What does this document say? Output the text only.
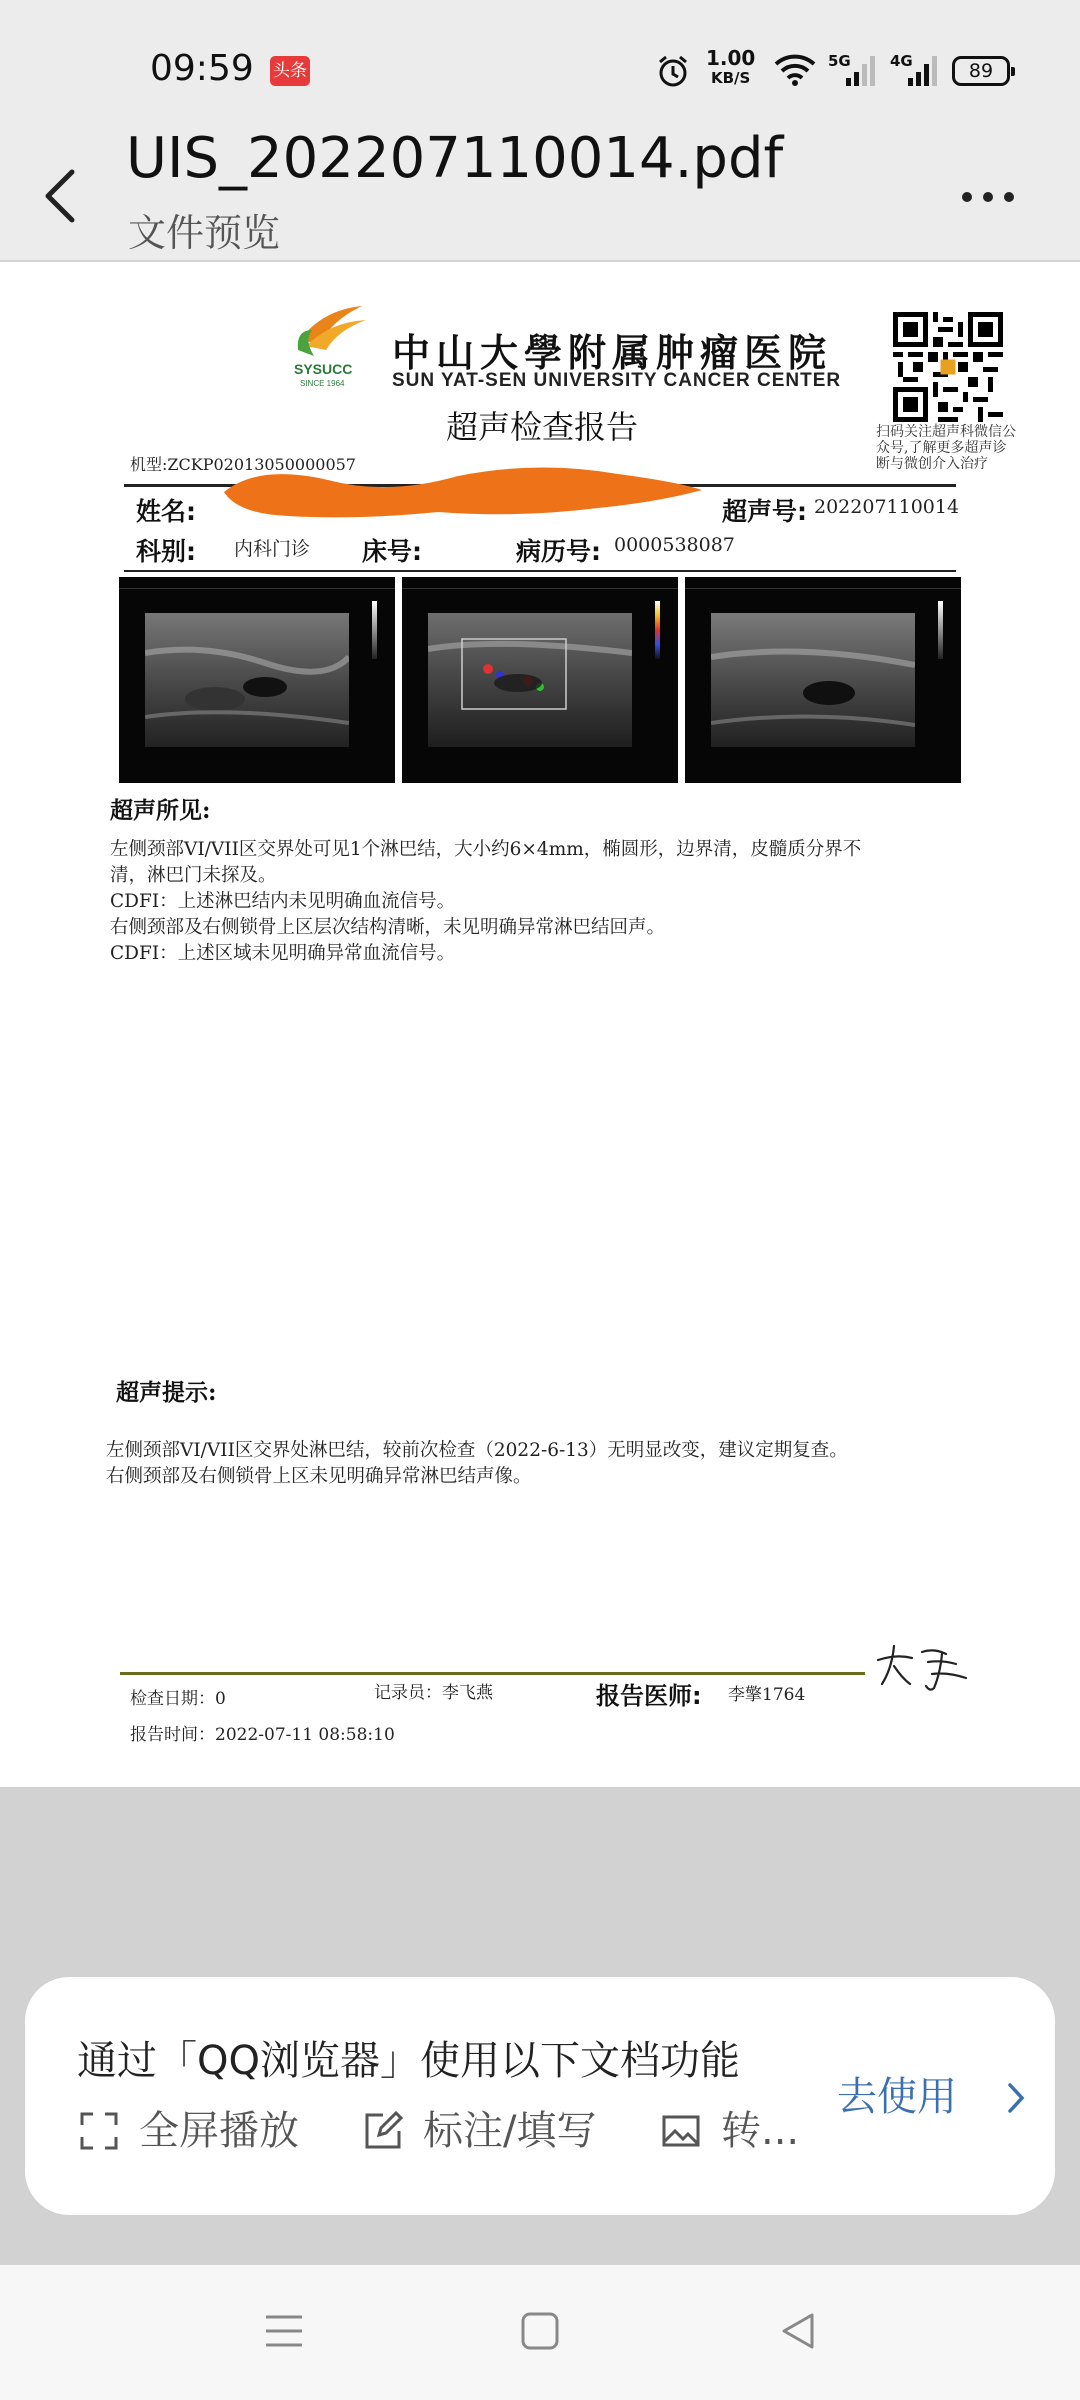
09:59 头条
1.00
KB/S
5G	4G	89
UIS_202207110014.pdf
文件预览
SYSUCC
SINCE 1964
中山大學附属肿瘤医院
SUN YAT-SEN UNIVERSITY CANCER CENTER
扫码关注超声科微信公众号,了解更多超声诊断与微创介入治疗
超声检查报告
机型:ZCKP02013050000057
姓名:	超声号: 202207110014
科别: 内科门诊 床号:	病历号: 0000538087
超声所见:
左侧颈部VI/VII区交界处可见1个淋巴结，大小约6×4mm，椭圆形，边界清，皮髓质分界不
清，淋巴门未探及。
CDFI：上述淋巴结内未见明确血流信号。
右侧颈部及右侧锁骨上区层次结构清晰，未见明确异常淋巴结回声。
CDFI：上述区域未见明确异常血流信号。
超声提示:
左侧颈部VI/VII区交界处淋巴结，较前次检查（2022-6-13）无明显改变，建议定期复查。
右侧颈部及右侧锁骨上区未见明确异常淋巴结声像。
检查日期：0	记录员：李飞燕	报告医师: 李擎1764
报告时间：2022-07-11 08:58:10
通过「QQ浏览器」使用以下文档功能
全屏播放	标注/填写	转...
去使用
